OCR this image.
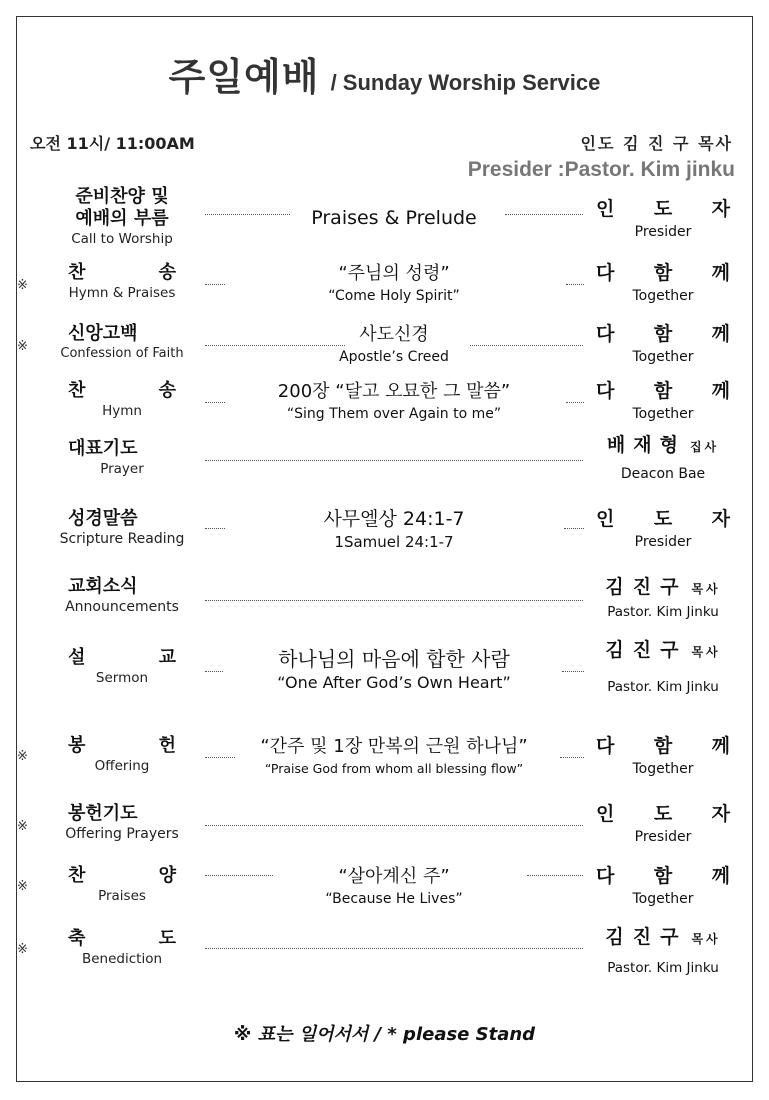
주일예배 / Sunday Worship Service
오전 11시/ 11:00AM	인도 김 진 구 목사
Presider :Pastor. Kim jinku
준비찬양 및
예배의 부름
Call to Worship
Praises & Prelude	인 도 자
Presider
※
찬 송
Hymn & Praises
“주님의 성령”
“Come Holy Spirit”
다 함 께
Together
※
신앙고백
Confession of Faith
사도신경
Apostle’s Creed
다 함 께
Together
찬 송
Hymn
200장 “달고 오묘한 그 말씀”
“Sing Them over Again to me”
다 함 께
Together
대표기도
Prayer
배재형 집사
Deacon Bae
성경말씀
Scripture Reading
사무엘상 24:1-7
1Samuel 24:1-7
인 도 자
Presider
교회소식
Announcements
김진구 목사
Pastor. Kim Jinku
설 교
Sermon
하나님의 마음에 합한 사람
“One After God’s Own Heart”
김진구 목사
Pastor. Kim Jinku
※
봉 헌
Offering
“간주 및 1장 만복의 근원 하나님”
“Praise God from whom all blessing flow”
다 함 께
Together
※
봉헌기도
Offering Prayers
인 도 자
Presider
※
찬 양
Praises
“살아계신 주”
“Because He Lives”
다 함 께
Together
※
축 도
Benediction
김진구 목사
Pastor. Kim Jinku
※ 표는 일어서서 / * please Stand
